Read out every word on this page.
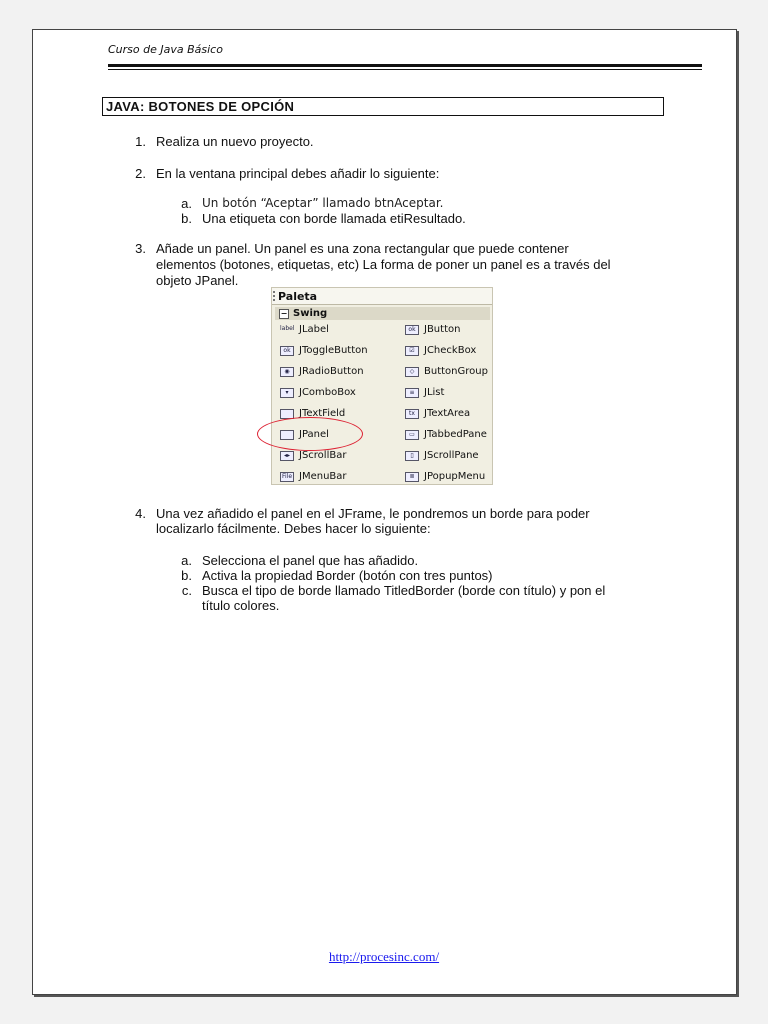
Curso de Java Básico
JAVA: BOTONES DE OPCIÓN
1. Realiza un nuevo proyecto.
2. En la ventana principal debes añadir lo siguiente:
a. Un botón “Aceptar” llamado btnAceptar.
b. Una etiqueta con borde llamada etiResultado.
3. Añade un panel. Un panel es una zona rectangular que puede contener
elementos (botones, etiquetas, etc) La forma de poner un panel es a través del
objeto JPanel.
Paleta
− Swing
label JLabel	ok JButton
ok JToggleButton	☑ JCheckBox
◉ JRadioButton	◇ ButtonGroup
▾	JComboBox	≡ JList
JTextField	tx JTextArea
JPanel	▭ JTabbedPane
◂▸ JScrollBar	▯	JScrollPane
File JMenuBar	≣ JPopupMenu
4. Una vez añadido el panel en el JFrame, le pondremos un borde para poder
localizarlo fácilmente. Debes hacer lo siguiente:
a. Selecciona el panel que has añadido.
b. Activa la propiedad Border (botón con tres puntos)
c. Busca el tipo de borde llamado TitledBorder (borde con título) y pon el
título colores.
http://procesinc.com/
